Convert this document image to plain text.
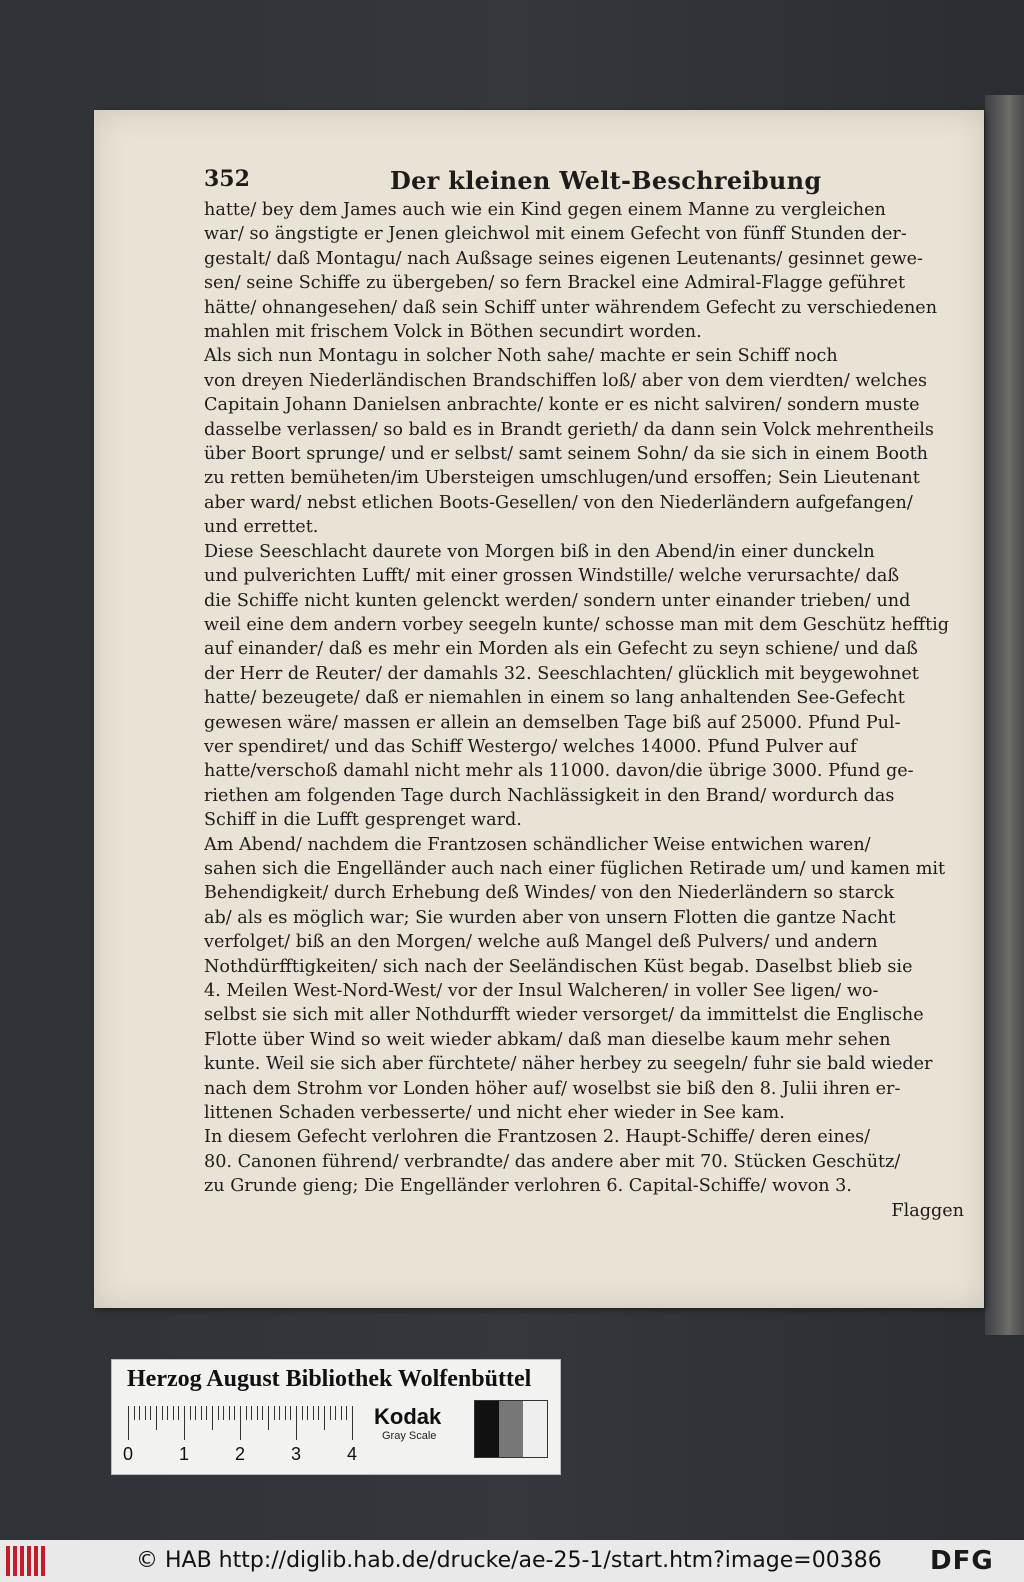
352	Der kleinen Welt-Beschreibung
hatte/ bey dem James auch wie ein Kind gegen einem Manne zu vergleichen
war/ so ängstigte er Jenen gleichwol mit einem Gefecht von fünff Stunden der-
gestalt/ daß Montagu/ nach Außsage seines eigenen Leutenants/ gesinnet gewe-
sen/ seine Schiffe zu übergeben/ so fern Brackel eine Admiral-Flagge geführet
hätte/ ohnangesehen/ daß sein Schiff unter währendem Gefecht zu verschiedenen
mahlen mit frischem Volck in Böthen secundirt worden.
Als sich nun Montagu in solcher Noth sahe/ machte er sein Schiff noch
von dreyen Niederländischen Brandschiffen loß/ aber von dem vierdten/ welches
Capitain Johann Danielsen anbrachte/ konte er es nicht salviren/ sondern muste
dasselbe verlassen/ so bald es in Brandt gerieth/ da dann sein Volck mehrentheils
über Boort sprunge/ und er selbst/ samt seinem Sohn/ da sie sich in einem Booth
zu retten bemüheten/im Ubersteigen umschlugen/und ersoffen; Sein Lieutenant
aber ward/ nebst etlichen Boots-Gesellen/ von den Niederländern aufgefangen/
und errettet.
Diese Seeschlacht daurete von Morgen biß in den Abend/in einer dunckeln
und pulverichten Lufft/ mit einer grossen Windstille/ welche verursachte/ daß
die Schiffe nicht kunten gelenckt werden/ sondern unter einander trieben/ und
weil eine dem andern vorbey seegeln kunte/ schosse man mit dem Geschütz hefftig
auf einander/ daß es mehr ein Morden als ein Gefecht zu seyn schiene/ und daß
der Herr de Reuter/ der damahls 32. Seeschlachten/ glücklich mit beygewohnet
hatte/ bezeugete/ daß er niemahlen in einem so lang anhaltenden See-Gefecht
gewesen wäre/ massen er allein an demselben Tage biß auf 25000. Pfund Pul-
ver spendiret/ und das Schiff Westergo/ welches 14000. Pfund Pulver auf
hatte/verschoß damahl nicht mehr als 11000. davon/die übrige 3000. Pfund ge-
riethen am folgenden Tage durch Nachlässigkeit in den Brand/ wordurch das
Schiff in die Lufft gesprenget ward.
Am Abend/ nachdem die Frantzosen schändlicher Weise entwichen waren/
sahen sich die Engelländer auch nach einer füglichen Retirade um/ und kamen mit
Behendigkeit/ durch Erhebung deß Windes/ von den Niederländern so starck
ab/ als es möglich war; Sie wurden aber von unsern Flotten die gantze Nacht
verfolget/ biß an den Morgen/ welche auß Mangel deß Pulvers/ und andern
Nothdürfftigkeiten/ sich nach der Seeländischen Küst begab. Daselbst blieb sie
4. Meilen West-Nord-West/ vor der Insul Walcheren/ in voller See ligen/ wo-
selbst sie sich mit aller Nothdurfft wieder versorget/ da immittelst die Englische
Flotte über Wind so weit wieder abkam/ daß man dieselbe kaum mehr sehen
kunte. Weil sie sich aber fürchtete/ näher herbey zu seegeln/ fuhr sie bald wieder
nach dem Strohm vor Londen höher auf/ woselbst sie biß den 8. Julii ihren er-
littenen Schaden verbesserte/ und nicht eher wieder in See kam.
In diesem Gefecht verlohren die Frantzosen 2. Haupt-Schiffe/ deren eines/
80. Canonen führend/ verbrandte/ das andere aber mit 70. Stücken Geschütz/
zu Grunde gieng; Die Engelländer verlohren 6. Capital-Schiffe/ wovon 3.
Flaggen
Herzog August Bibliothek Wolfenbüttel
0	1	2	3	4
Kodak
Gray Scale
© HAB http://diglib.hab.de/drucke/ae-25-1/start.htm?image=00386 DFG
